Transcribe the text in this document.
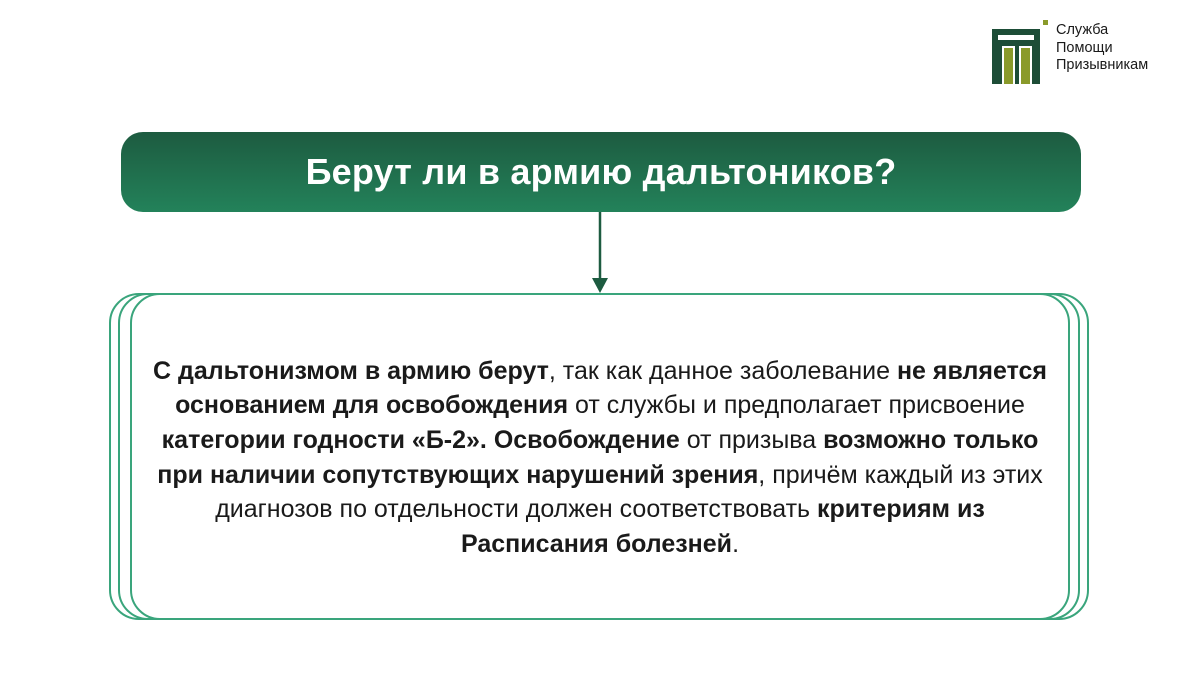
Служба
Помощи
Призывникам
Берут ли в армию дальтоников?
С дальтонизмом в армию берут, так как данное заболевание не является основанием для освобождения от службы и предполагает присвоение категории годности «Б-2». Освобождение от призыва возможно только при наличии сопутствующих нарушений зрения, причём каждый из этих диагнозов по отдельности должен соответствовать критериям из Расписания болезней.
